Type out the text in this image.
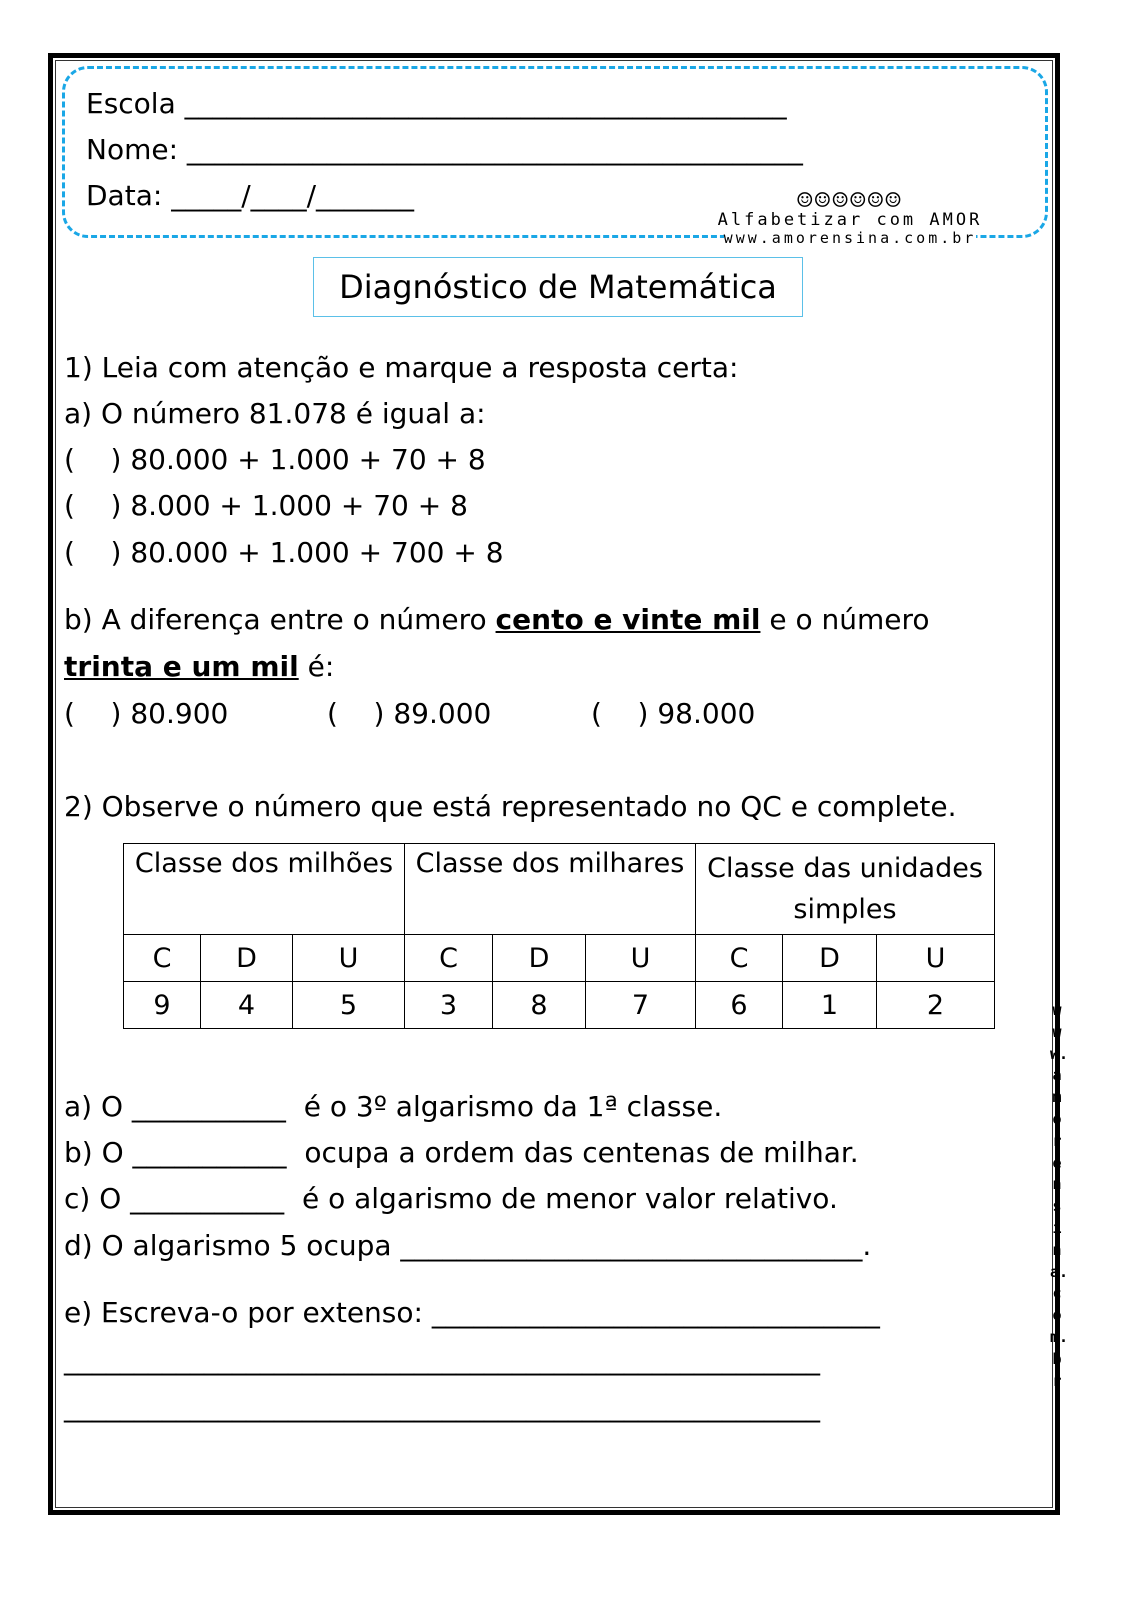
Escola ___________________________________________
Nome: ____________________________________________
Data: _____/____/_______	☺☺☺☺☺☺
Alfabetizar com AMOR
www.amorensina.com.br
Diagnóstico de Matemática
1) Leia com atenção e marque a resposta certa:
a) O número 81.078 é igual a:
(    ) 80.000 + 1.000 + 70 + 8
(    ) 8.000 + 1.000 + 70 + 8
(    ) 80.000 + 1.000 + 700 + 8
b) A diferença entre o número cento e vinte mil e o número
trinta e um mil é:
(    ) 80.900	(    ) 89.000	(    ) 98.000
2) Observe o número que está representado no QC e complete.
Classe dos milhões			Classe dos milhares			Classe das unidades simples		
C	D	U	C	D	U	C	D	U
9	4	5	3	8	7	6	1	2
a) O ___________  é o 3º algarismo da 1ª classe.
b) O ___________  ocupa a ordem das centenas de milhar.
c) O ___________  é o algarismo de menor valor relativo.
d) O algarismo 5 ocupa _________________________________.
e) Escreva-o por extenso: ________________________________
______________________________________________________
______________________________________________________
www.amorensina.com.br
